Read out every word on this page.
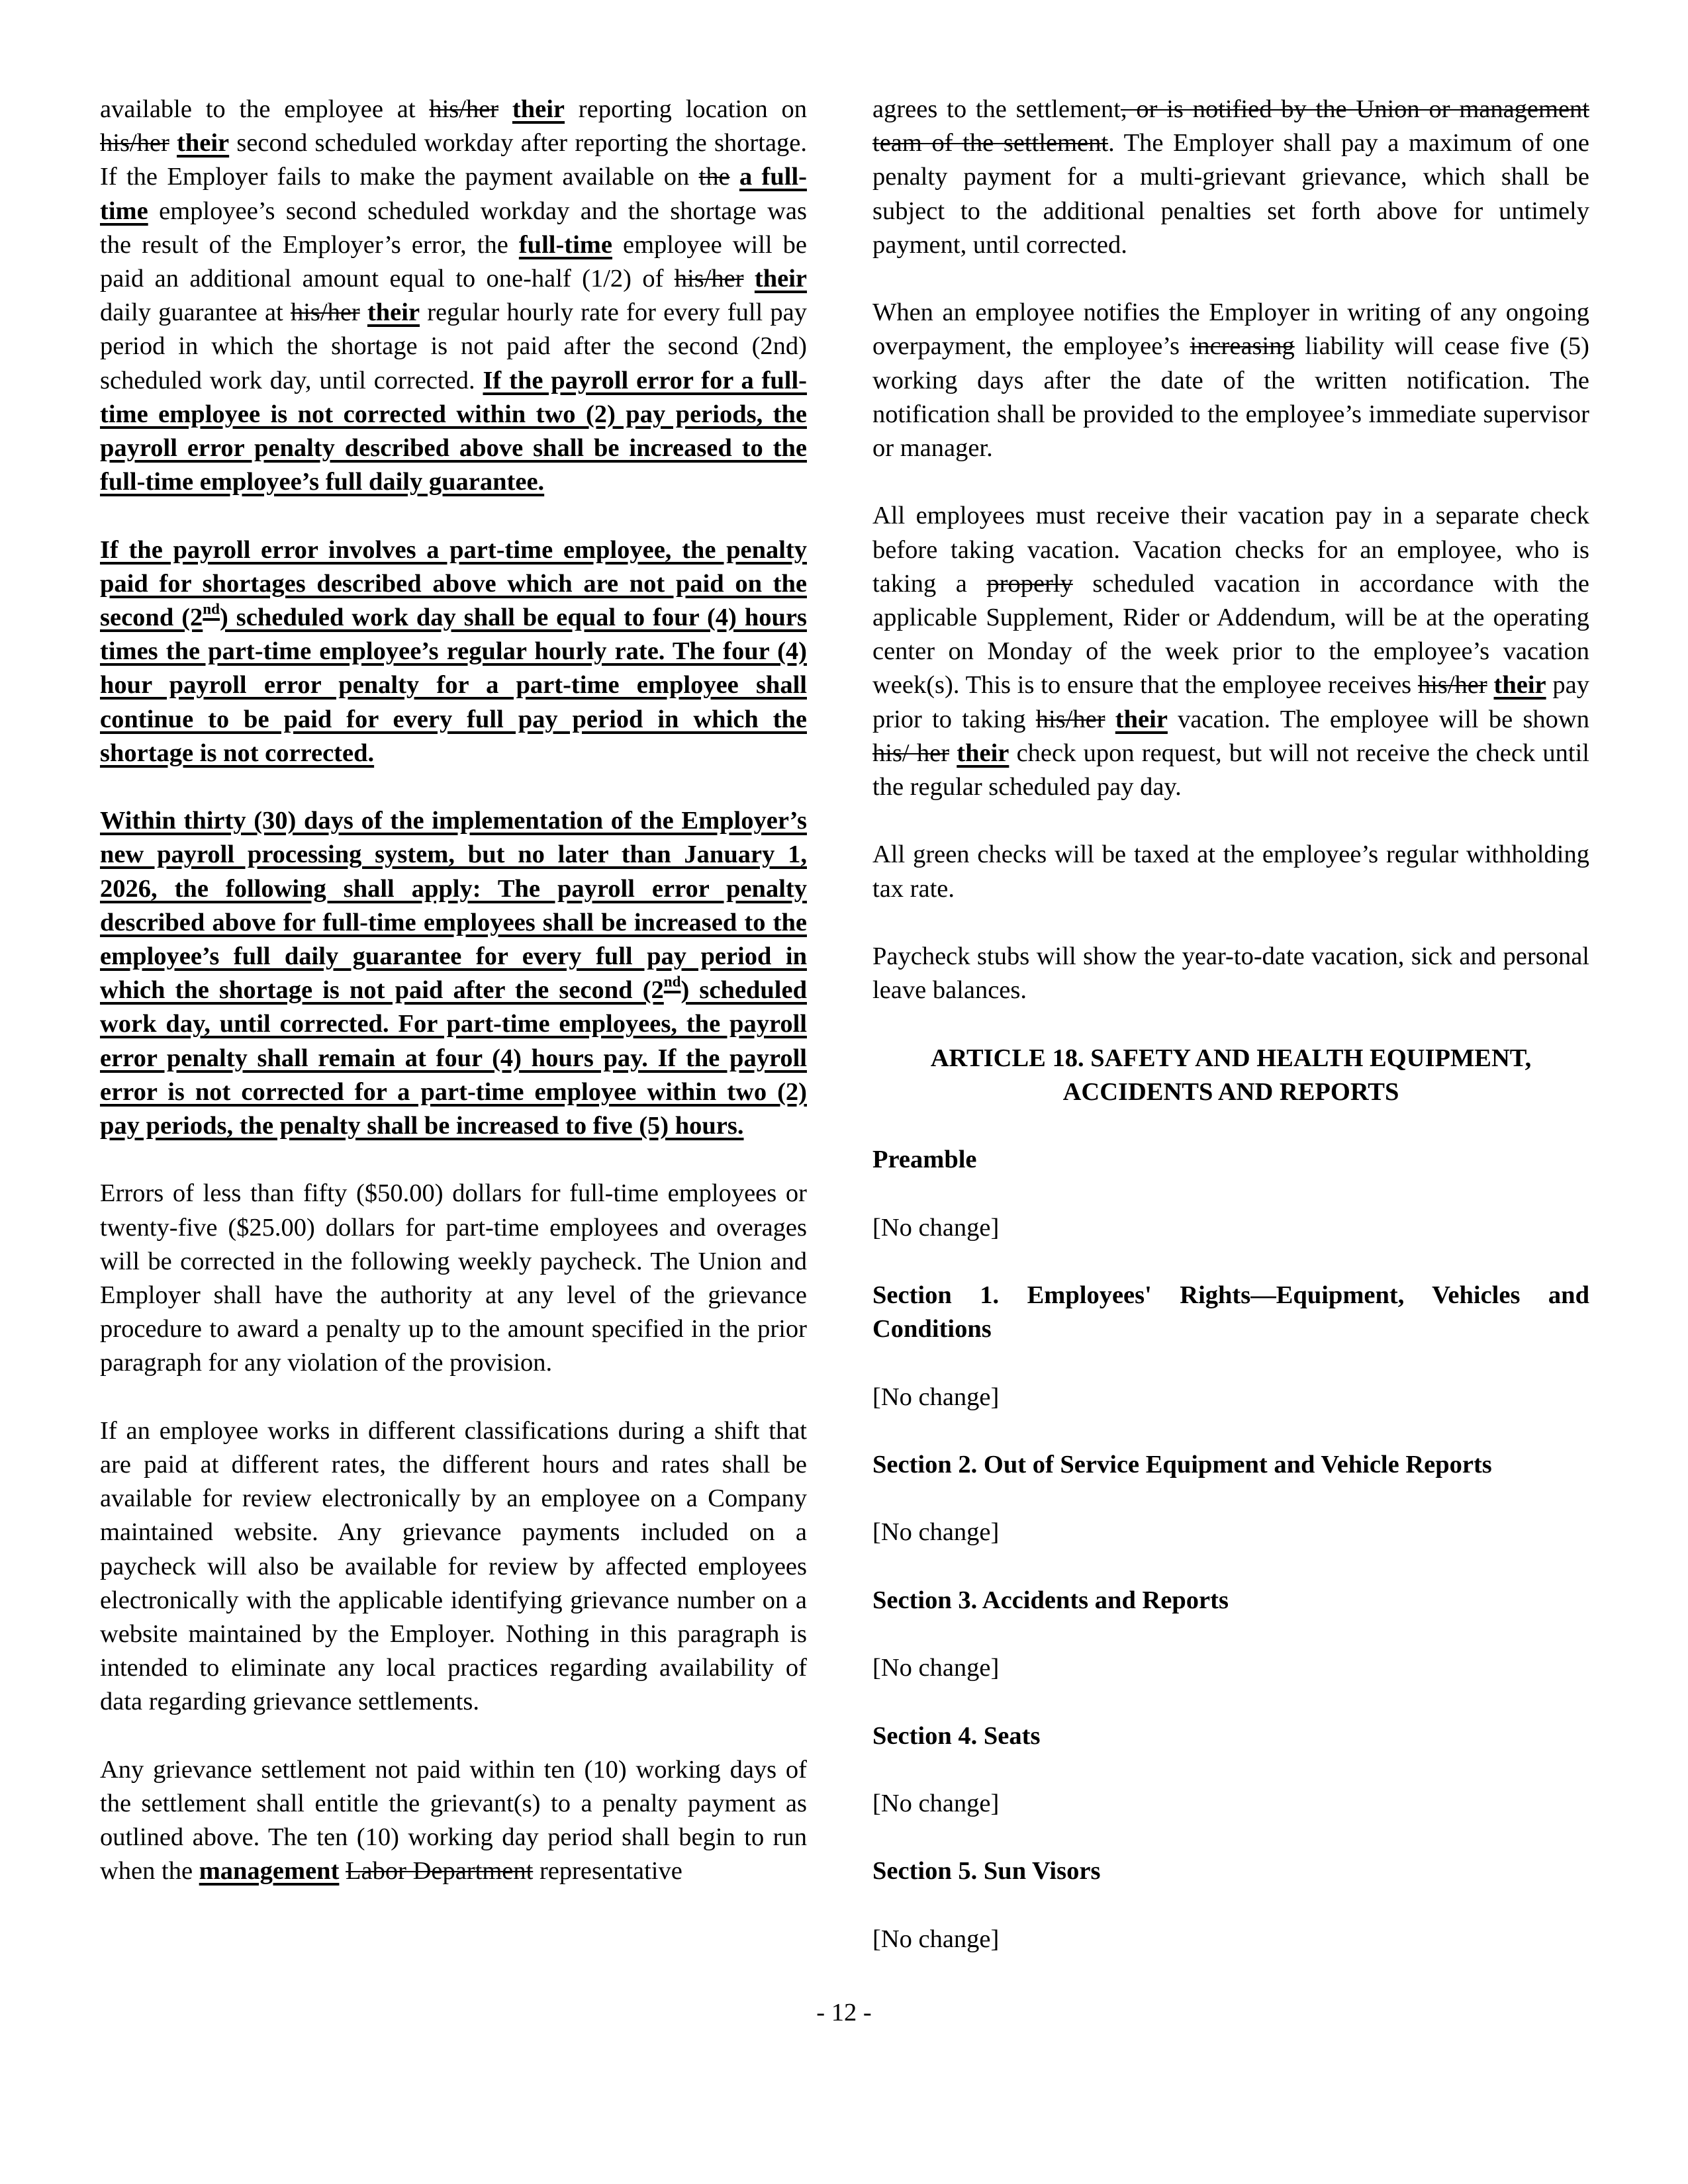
available to the employee at his/her their reporting location on his/her their second scheduled workday after reporting the shortage. If the Employer fails to make the payment available on the a full-time employee’s second scheduled workday and the shortage was the result of the Employer’s error, the full-time employee will be paid an additional amount equal to one-half (1/2) of his/her their daily guarantee at his/her their regular hourly rate for every full pay period in which the shortage is not paid after the second (2nd) scheduled work day, until corrected. If the payroll error for a full-time employee is not corrected within two (2) pay periods, the payroll error penalty described above shall be increased to the full-time employee’s full daily guarantee.

If the payroll error involves a part-time employee, the penalty paid for shortages described above which are not paid on the second (2nd) scheduled work day shall be equal to four (4) hours times the part-time employee’s regular hourly rate. The four (4) hour payroll error penalty for a part-time employee shall continue to be paid for every full pay period in which the shortage is not corrected.

Within thirty (30) days of the implementation of the Employer’s new payroll processing system, but no later than January 1, 2026, the following shall apply: The payroll error penalty described above for full-time employees shall be increased to the employee’s full daily guarantee for every full pay period in which the shortage is not paid after the second (2nd) scheduled work day, until corrected. For part-time employees, the payroll error penalty shall remain at four (4) hours pay. If the payroll error is not corrected for a part-time employee within two (2) pay periods, the penalty shall be increased to five (5) hours.

Errors of less than fifty ($50.00) dollars for full-time employees or twenty-five ($25.00) dollars for part-time employees and overages will be corrected in the following weekly paycheck. The Union and Employer shall have the authority at any level of the grievance procedure to award a penalty up to the amount specified in the prior paragraph for any violation of the provision.

If an employee works in different classifications during a shift that are paid at different rates, the different hours and rates shall be available for review electronically by an employee on a Company maintained website. Any grievance payments included on a paycheck will also be available for review by affected employees electronically with the applicable identifying grievance number on a website maintained by the Employer. Nothing in this paragraph is intended to eliminate any local practices regarding availability of data regarding grievance settlements.

Any grievance settlement not paid within ten (10) working days of the settlement shall entitle the grievant(s) to a penalty payment as outlined above. The ten (10) working day period shall begin to run when the management Labor Department representative

agrees to the settlement, or is notified by the Union or management team of the settlement. The Employer shall pay a maximum of one penalty payment for a multi-grievant grievance, which shall be subject to the additional penalties set forth above for untimely payment, until corrected.

When an employee notifies the Employer in writing of any ongoing overpayment, the employee’s increasing liability will cease five (5) working days after the date of the written notification. The notification shall be provided to the employee’s immediate supervisor or manager.

All employees must receive their vacation pay in a separate check before taking vacation. Vacation checks for an employee, who is taking a properly scheduled vacation in accordance with the applicable Supplement, Rider or Addendum, will be at the operating center on Monday of the week prior to the employee’s vacation week(s). This is to ensure that the employee receives his/her their pay prior to taking his/her their vacation. The employee will be shown his/ her their check upon request, but will not receive the check until the regular scheduled pay day.

All green checks will be taxed at the employee’s regular withholding tax rate.

Paycheck stubs will show the year-to-date vacation, sick and personal leave balances.

ARTICLE 18. SAFETY AND HEALTH EQUIPMENT,
ACCIDENTS AND REPORTS

Preamble

[No change]

Section 1. Employees' Rights—Equipment, Vehicles and Conditions

[No change]

Section 2. Out of Service Equipment and Vehicle Reports

[No change]

Section 3. Accidents and Reports

[No change]

Section 4. Seats

[No change]

Section 5. Sun Visors

[No change]

- 12 -
